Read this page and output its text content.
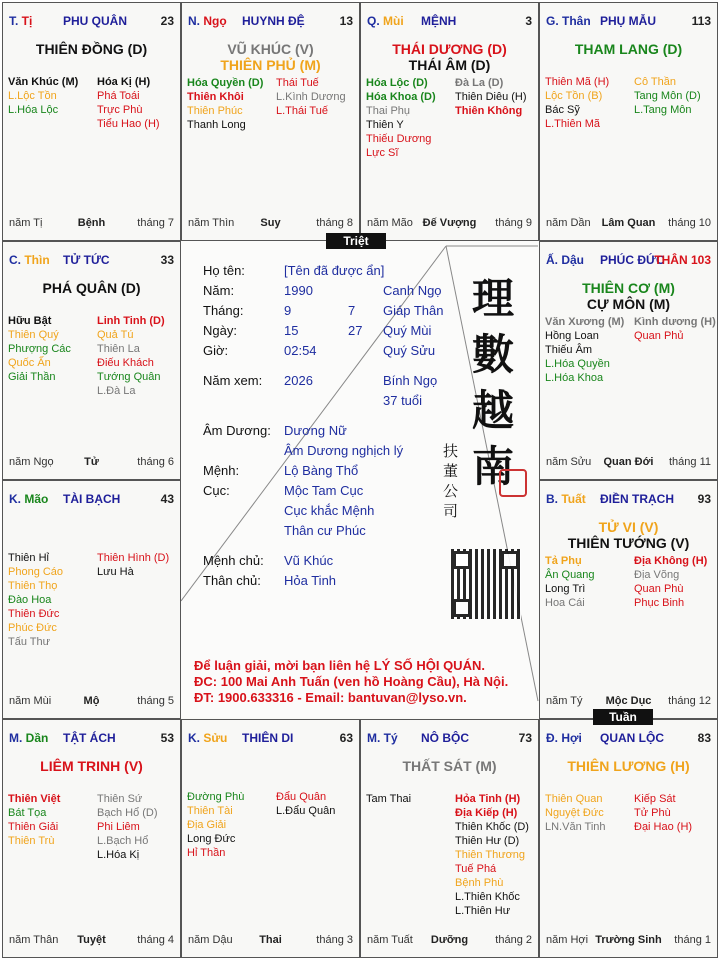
T. Tị	PHU QUÂN	23
THIÊN ĐỒNG (D)
Văn Khúc (M)
L.Lộc Tồn
L.Hóa Lộc
Hóa Kị (H)
Phá Toái
Trực Phù
Tiểu Hao (H)
năm Tị	Bệnh	tháng 7
N. Ngọ HUYNH ĐỆ	13
VŨ KHÚC (V)
THIÊN PHỦ (M)
Hóa Quyền (D)
Thiên Khôi
Thiên Phúc
Thanh Long
Thái Tuế
L.Kình Dương
L.Thái Tuế
năm Thìn	Suy	tháng 8
Q. Mùi MỆNH	3
THÁI DƯƠNG (D)
THÁI ÂM (D)
Hóa Lộc (D)
Hóa Khoa (D)
Thai Phụ
Thiên Y
Thiếu Dương
Lực Sĩ
Đà La (D)
Thiên Diêu (H)
Thiên Không
năm Mão Đế Vượng	tháng 9
G. Thân PHỤ MẪU	113
THAM LANG (D)
Thiên Mã (H)
Lộc Tồn (B)
Bác Sỹ
L.Thiên Mã
Cô Thần
Tang Môn (D)
L.Tang Môn
năm Dần Lâm Quan	tháng 10
C. Thìn TỬ TỨC	33
PHÁ QUÂN (D)
Hữu Bật
Thiên Quý
Phượng Các
Quốc Ấn
Giải Thần
Linh Tinh (D)
Quả Tú
Thiên La
Điếu Khách
Tướng Quân
L.Đà La
năm Ngọ	Tử	tháng 6
Ấ. Dậu PHÚC ĐỨC
THÂN 103
THIÊN CƠ (M)
CỰ MÔN (M)
Văn Xương (M)
Hồng Loan
Thiếu Âm
L.Hóa Quyền
L.Hóa Khoa
Kình dương (H)
Quan Phủ
năm Sửu	Quan Đới	tháng 11
K. Mão TÀI BẠCH	43
Thiên Hỉ
Phong Cáo
Thiên Thọ
Đào Hoa
Thiên Đức
Phúc Đức
Tấu Thư
Thiên Hình (D)
Lưu Hà
năm Mùi	Mộ	tháng 5
B. Tuất ĐIỀN TRẠCH 93
TỬ VI (V)
THIÊN TƯỚNG (V)
Tả Phụ
Ân Quang
Long Trì
Hoa Cái
Địa Không (H)
Địa Võng
Quan Phù
Phục Binh
năm Tý	Mộc Dục	tháng 12
M. Dần TẬT ÁCH	53
LIÊM TRINH (V)
Thiên Việt
Bát Tọa
Thiên Giải
Thiên Trù
Thiên Sứ
Bạch Hổ (D)
Phi Liêm
L.Bạch Hổ
L.Hóa Kị
năm Thân	Tuyệt	tháng 4
K. Sửu THIÊN DI	63
Đường Phù
Thiên Tài
Địa Giải
Long Đức
Hỉ Thần
Đẩu Quân
L.Đẩu Quân
năm Dậu	Thai	tháng 3
M. Tý NÔ BỘC	73
THẤT SÁT (M)
Tam Thai	Hỏa Tinh (H)
Địa Kiếp (H)
Thiên Khốc (D)
Thiên Hư (D)
Thiên Thương
Tuế Phá
Bệnh Phù
L.Thiên Khốc
L.Thiên Hư
năm Tuất	Dưỡng	tháng 2
Đ. Hợi QUAN LỘC	83
THIÊN LƯƠNG (H)
Thiên Quan
Nguyệt Đức
LN.Văn Tinh
Kiếp Sát
Tử Phù
Đại Hao (H)
năm Hợi Trường Sinh	tháng 1
Họ tên:	[Tên đã được ẩn]
Năm:	1990	Canh Ngọ
Tháng:	9	7 Giáp Thân
Ngày:	15	27 Quý Mùi
Giờ:	02:54	Quý Sửu
Năm xem: 2026	Bính Ngọ
37 tuổi
Âm Dương: Dương Nữ
Âm Dương nghịch lý
Mệnh:	Lộ Bàng Thổ
Cục:	Mộc Tam Cục
Cục khắc Mệnh
Thân cư Phúc
Mệnh chủ: Vũ Khúc
Thân chủ: Hỏa Tinh
理數越南
扶董公司
Để luận giải, mời bạn liên hệ LÝ SỐ HỘI QUÁN.
ĐC: 100 Mai Anh Tuấn (ven hồ Hoàng Cầu), Hà Nội.
ĐT: 1900.633316 - Email: bantuvan@lyso.vn.
Triệt
Tuần
